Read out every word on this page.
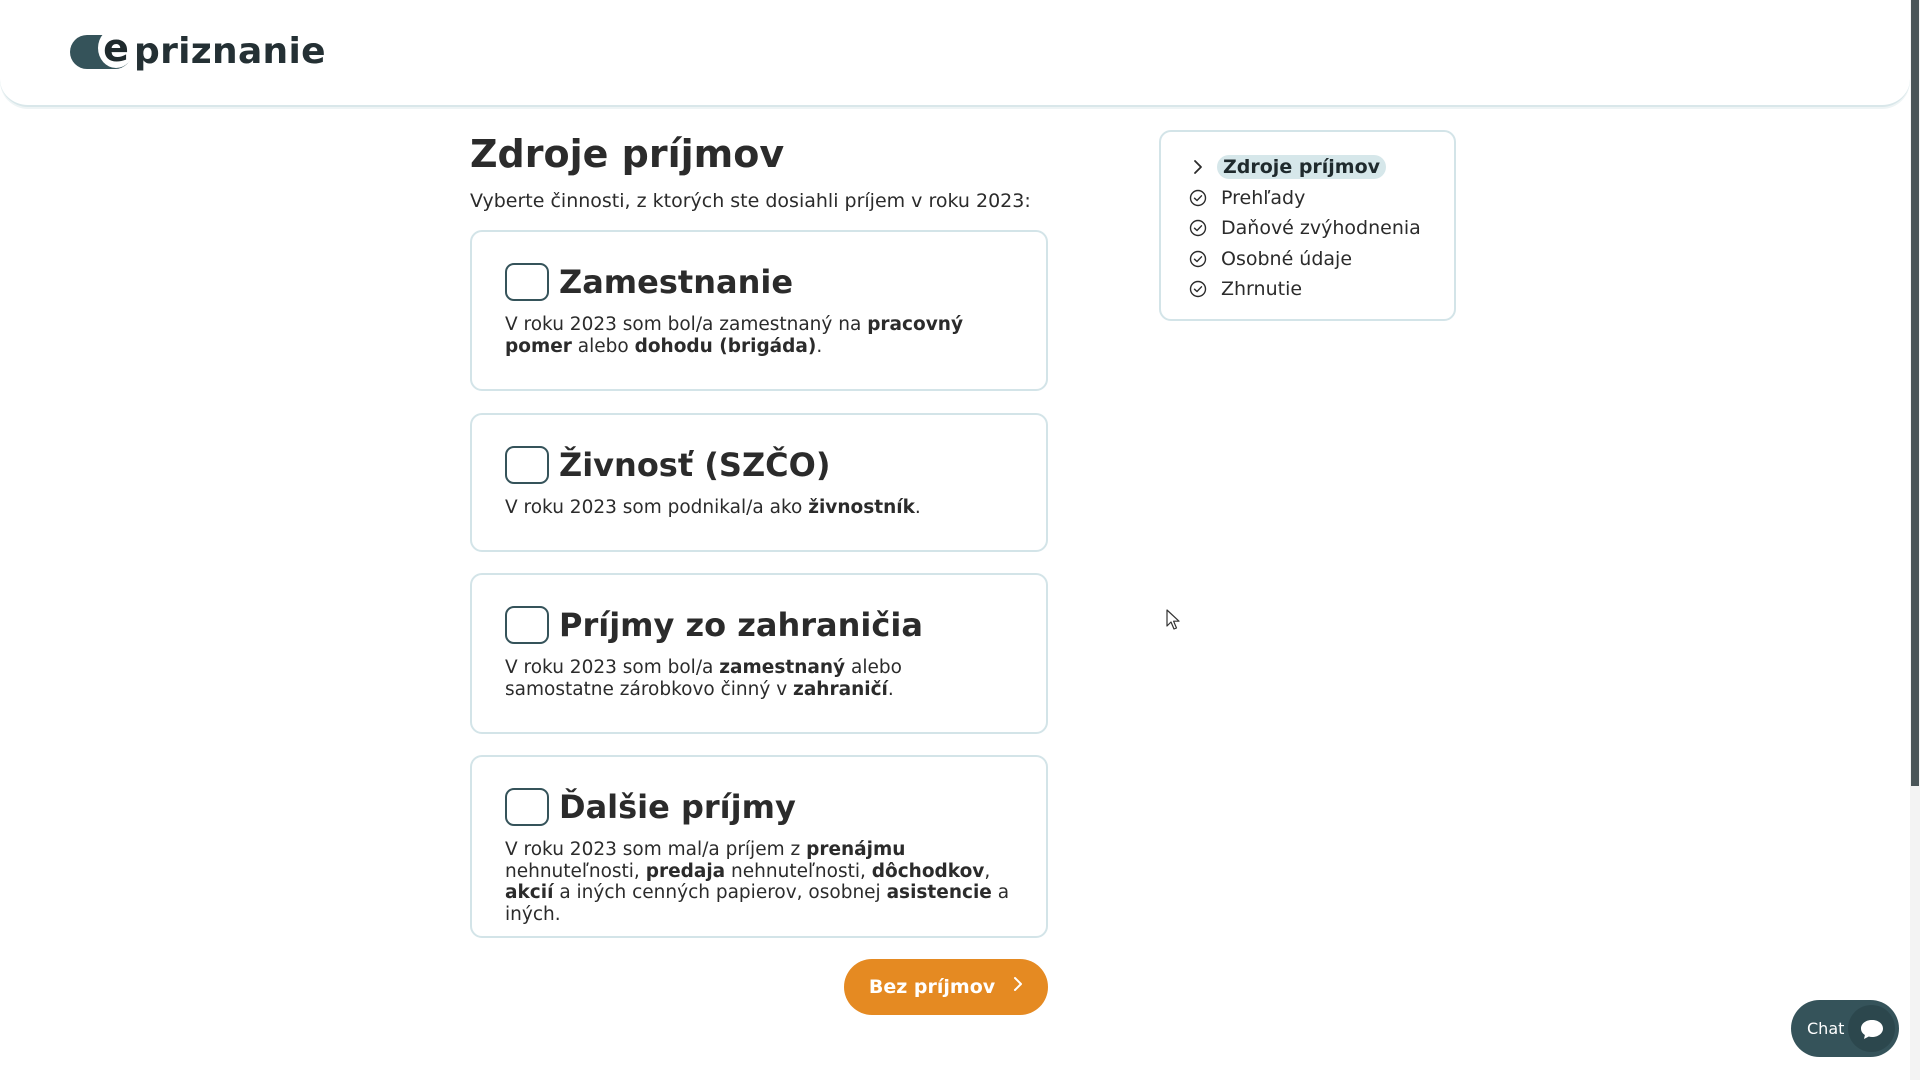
e priznanie
Zdroje príjmov

Vyberte činnosti, z ktorých ste dosiahli príjem v roku 2023:

Zamestnanie

V roku 2023 som bol/a zamestnaný na pracovný pomer alebo dohodu (brigáda).

Živnosť (SZČO)

V roku 2023 som podnikal/a ako živnostník.

Príjmy zo zahraničia

V roku 2023 som bol/a zamestnaný alebo samostatne zárobkovo činný v zahraničí.

Ďalšie príjmy

V roku 2023 som mal/a príjem z prenájmu nehnuteľnosti, predaja nehnuteľnosti, dôchodkov, akcií a iných cenných papierov, osobnej asistencie a iných.

Bez príjmov
Zdroje príjmov
Prehľady
Daňové zvýhodnenia
Osobné údaje
Zhrnutie
Chat
